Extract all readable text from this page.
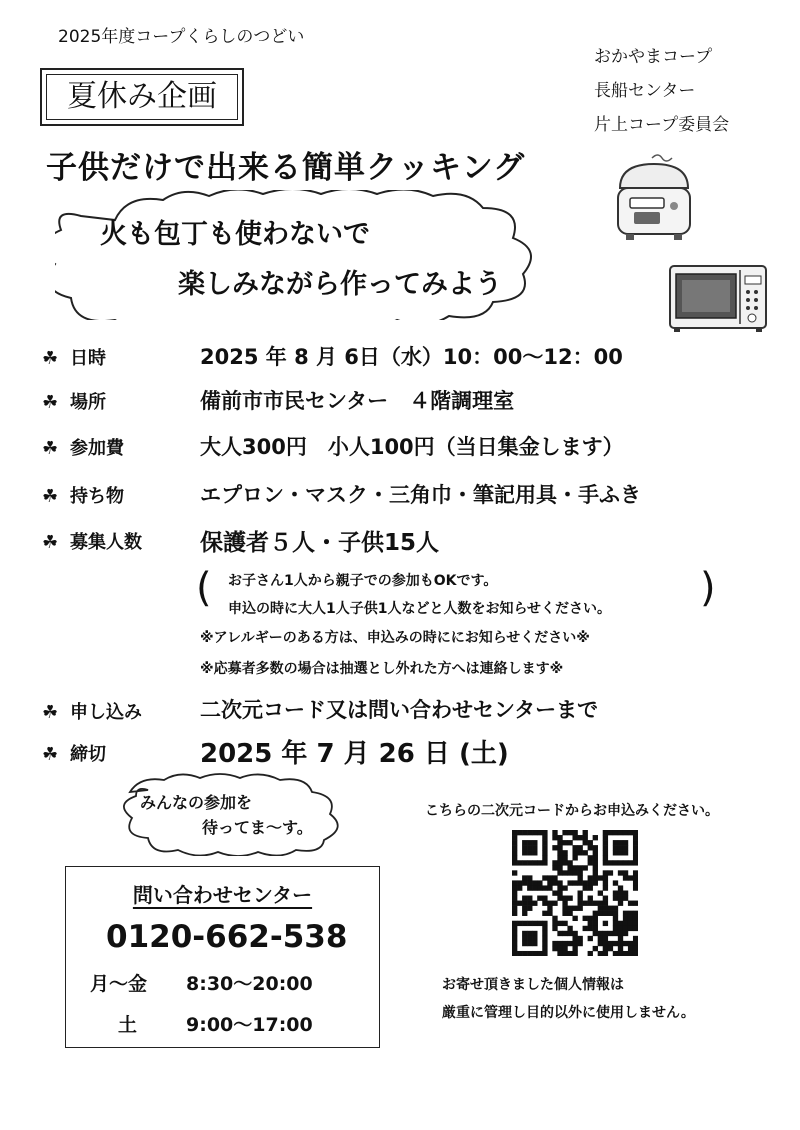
2025年度コープくらしのつどい
おかやまコープ
長船センター
片上コープ委員会
夏休み企画
子供だけで出来る簡単クッキング
火も包丁も使わないで
楽しみながら作ってみよう
☘ 日時	2025 年 8 月 6日（水）10：00〜12：00
☘ 場所	備前市市民センター　４階調理室
☘ 参加費	大人300円　小人100円（当日集金します）
☘ 持ち物	エプロン・マスク・三角巾・筆記用具・手ふき
☘ 募集人数	保護者５人・子供15人
(	)
お子さん1人から親子での参加もOKです。
申込の時に大人1人子供1人などと人数をお知らせください。
※アレルギーのある方は、申込みの時ににお知らせください※
※応募者多数の場合は抽選とし外れた方へは連絡します※
☘ 申し込み	二次元コード又は問い合わせセンターまで
☘ 締切	2025 年 7 月 26 日 (土)
みんなの参加を
待ってま〜す。
問い合わせセンター
0120-662-538
月〜金 8:30〜20:00
土	9:00〜17:00
こちらの二次元コードからお申込みください。
お寄せ頂きました個人情報は
厳重に管理し目的以外に使用しません。
